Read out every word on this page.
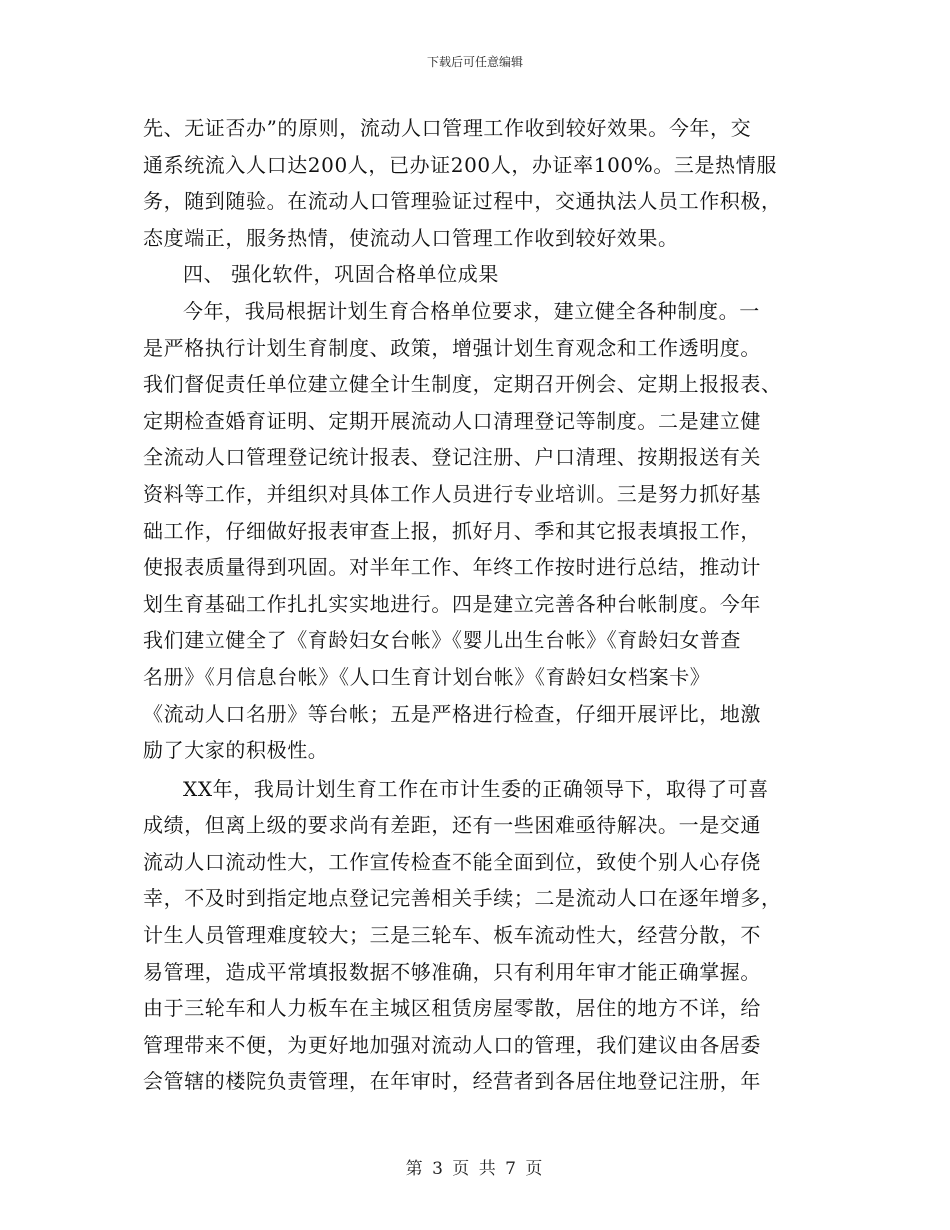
下载后可任意编辑
先、无证否办”的原则，流动人口管理工作收到较好效果。今年，交
通系统流入人口达200人，已办证200人，办证率100%。三是热情服
务，随到随验。在流动人口管理验证过程中，交通执法人员工作积极，
态度端正，服务热情，使流动人口管理工作收到较好效果。
四、 强化软件，巩固合格单位成果
今年，我局根据计划生育合格单位要求，建立健全各种制度。一
是严格执行计划生育制度、政策，增强计划生育观念和工作透明度。
我们督促责任单位建立健全计生制度，定期召开例会、定期上报报表、
定期检查婚育证明、定期开展流动人口清理登记等制度。二是建立健
全流动人口管理登记统计报表、登记注册、户口清理、按期报送有关
资料等工作，并组织对具体工作人员进行专业培训。三是努力抓好基
础工作，仔细做好报表审查上报，抓好月、季和其它报表填报工作，
使报表质量得到巩固。对半年工作、年终工作按时进行总结，推动计
划生育基础工作扎扎实实地进行。四是建立完善各种台帐制度。今年
我们建立健全了《育龄妇女台帐》《婴儿出生台帐》《育龄妇女普查
名册》《月信息台帐》《人口生育计划台帐》《育龄妇女档案卡》
《流动人口名册》等台帐；五是严格进行检查，仔细开展评比，地激
励了大家的积极性。
XX年，我局计划生育工作在市计生委的正确领导下，取得了可喜
成绩，但离上级的要求尚有差距，还有一些困难亟待解决。一是交通
流动人口流动性大，工作宣传检查不能全面到位，致使个别人心存侥
幸，不及时到指定地点登记完善相关手续；二是流动人口在逐年增多，
计生人员管理难度较大；三是三轮车、板车流动性大，经营分散，不
易管理，造成平常填报数据不够准确，只有利用年审才能正确掌握。
由于三轮车和人力板车在主城区租赁房屋零散，居住的地方不详，给
管理带来不便，为更好地加强对流动人口的管理，我们建议由各居委
会管辖的楼院负责管理，在年审时，经营者到各居住地登记注册，年
第 3 页 共 7 页
